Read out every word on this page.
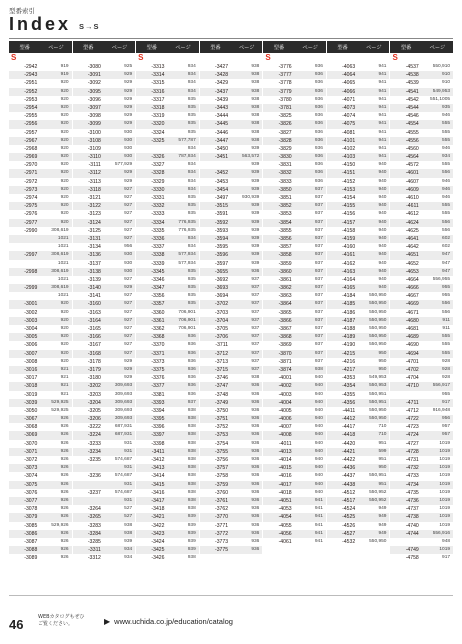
型番索引
Index S→S
型番	ページ
S
-2942	919
-2943	919
-2951	920
-2952	920
-2953	920
-2954	920
-2955	920
-2956	920
-2957	920
-2967	920
-2968	920
-2969	920
-2970	920
-2971	920
-2972	920
-2973	920
-2974	920
-2975	920
-2976	920
-2977	920
-2990	308,619
1021
1021
-2997	308,619
1021
-2998	308,619
1021
-2999	308,619
1021
-3001	920
-3002	920
-3003	920
-3004	920
-3005	920
-3006	920
-3007	920
-3008	920
-3016	921
-3017	921
-3018	921
-3019	921
-3039	529,925
-3050	529,925
-3067	926
-3068	926
-3069	926
-3070	926
-3071	926
-3072	926
-3073	926
-3074	926
-3075	926
-3076	926
-3077	926
-3078	926
-3079	926
-3085	529,926
-3086	926
-3087	926
-3088	926
-3089	926
型番	ページ
-3080	925
-3091	929
-3092	929
-3095	929
-3096	929
-3097	929
-3098	929
-3099	929
-3100	930
-3108	930
-3109	930
-3110	930
-3111	577,929
-3112	929
-3113	929
-3118	927
-3121	927
-3122	927
-3123	927
-3124	927
-3125	927
-3131	927
-3134	956
-3136	930
-3137	930
-3138	930
-3139	927
-3140	929
-3141	927
-3160	927
-3163	927
-3164	927
-3165	927
-3166	927
-3167	927
-3168	927
-3178	929
-3179	929
-3180	929
-3202	309,693
-3203	309,693
-3204	309,693
-3205	309,693
-3206	309,693
-3222	687,931
-3224	687,931
-3233	931
-3234	931
-3235	574,687
931
-3236	574,687
931
-3237	574,687
931
-3264	527
-3265	527
-3283	938
-3284	938
-3285	939
-3311	934
-3312	934
型番	ページ
S
-3313	934
-3314	934
-3315	934
-3316	934
-3317	935
-3318	935
-3319	935
-3320	935
-3324	935
-3325	577,787
934
-3326	787,934
-3327	934
-3328	934
-3329	934
-3330	934
-3331	935
-3332	935
-3333	935
-3334	776,935
-3335	776,935
-3336	934
-3337	934
-3338	577,934
-3339	577,934
-3345	935
-3346	935
-3347	935
-3356	935
-3357	935
-3360	706,901
-3361	706,901
-3362	706,901
-3368	936
-3370	936
-3371	936
-3373	936
-3375	936
-3376	936
-3377	936
-3381	936
-3393	937
-3394	938
-3395	938
-3396	938
-3397	938
-3398	938
-3411	938
-3412	938
-3413	938
-3414	938
-3415	938
-3416	938
-3417	938
-3418	938
-3421	939
-3422	939
-3423	939
-3424	939
-3425	939
-3426	938
型番	ページ
-3427	938
-3428	938
-3429	938
-3437	938
-3439	938
-3443	938
-3444	938
-3445	938
-3446	938
-3447	938
-3450	939
-3451	563,572
939
-3452	939
-3453	939
-3454	939
-3497	930,939
-3515	939
-3591	939
-3592	939
-3593	939
-3594	939
-3595	939
-3596	939
-3597	939
-3655	936
-3692	937
-3693	937
-3694	937
-3702	937
-3703	937
-3704	937
-3705	937
-3706	937
-3711	937
-3712	937
-3713	937
-3715	937
-3746	938
-3747	936
-3748	936
-3749	936
-3750	936
-3751	936
-3752	936
-3753	936
-3754	936
-3755	936
-3756	936
-3757	936
-3758	936
-3759	936
-3760	936
-3761	936
-3762	936
-3770	936
-3771	936
-3772	936
-3773	936
-3775	936
型番	ページ
S
-3776	936
-3777	936
-3778	936
-3779	936
-3780	936
-3781	936
-3825	936
-3826	936
-3827	936
-3828	936
-3829	936
-3830	936
-3831	936
-3832	936
-3833	936
-3850	937
-3851	937
-3852	937
-3853	937
-3854	937
-3855	937
-3856	937
-3857	937
-3858	937
-3859	937
-3860	937
-3861	937
-3862	937
-3863	937
-3864	937
-3865	937
-3866	937
-3867	937
-3868	937
-3869	937
-3870	937
-3871	937
-3874	938
-4001	940
-4002	940
-4003	940
-4004	940
-4005	940
-4006	940
-4007	940
-4008	940
-4011	940
-4013	940
-4014	940
-4015	940
-4016	940
-4017	940
-4018	940
-4051	941
-4053	941
-4054	941
-4055	941
-4056	941
-4061	941
型番	ページ
-4063	941
-4064	941
-4065	941
-4066	941
-4071	941
-4073	941
-4074	941
-4075	941
-4081	941
-4101	941
-4102	941
-4103	941
-4150	940
-4151	940
-4152	940
-4153	940
-4154	940
-4155	940
-4156	940
-4157	940
-4158	940
-4159	940
-4160	940
-4161	940
-4162	940
-4163	940
-4164	940
-4165	940
-4184	550,950
-4185	550,950
-4186	550,950
-4187	550,950
-4188	550,950
-4189	550,950
-4190	550,950
-4215	950
-4216	950
-4217	950
-4353	549,953
-4354	550,953
-4355	550,951
-4356	550,951
-4411	550,950
-4412	550,950
-4417	710
-4418	710
-4420	951
-4421	599
-4422	951
-4436	950
-4437	550,951
-4438	951
-4512	550,952
-4517	550,952
-4524	949
-4525	949
-4526	949
-4527	949
-4532	550,950
型番	ページ
S
-4537	550,910
-4538	910
-4539	910
-4541	549,953
-4542	551,1005
-4544	935
-4546	946
-4554	555
-4555	555
-4556	555
-4560	946
-4564	934
-4572	555
-4601	556
-4607	946
-4609	946
-4610	946
-4611	555
-4612	555
-4624	556
-4625	556
-4641	602
-4642	602
-4651	947
-4652	947
-4653	947
-4664	556,955
-4666	955
-4667	955
-4669	556
-4671	556
-4680	911
-4681	911
-4689	555
-4690	555
-4694	555
-4701	928
-4702	928
-4704	928
-4710	556,917
955
-4711	917
-4712	916,948
-4722	956
-4723	957
-4724	957
-4727	1019
-4728	1019
-4731	1019
-4732	1019
-4733	1019
-4734	1019
-4735	1019
-4736	1019
-4737	1019
-4738	1019
-4740	1019
-4744	556,916
948
-4749	1019
-4758	917
46	WEBカタログもぜひ
ご覧ください。	▶ www.uchida.co.jp/education/catalog
